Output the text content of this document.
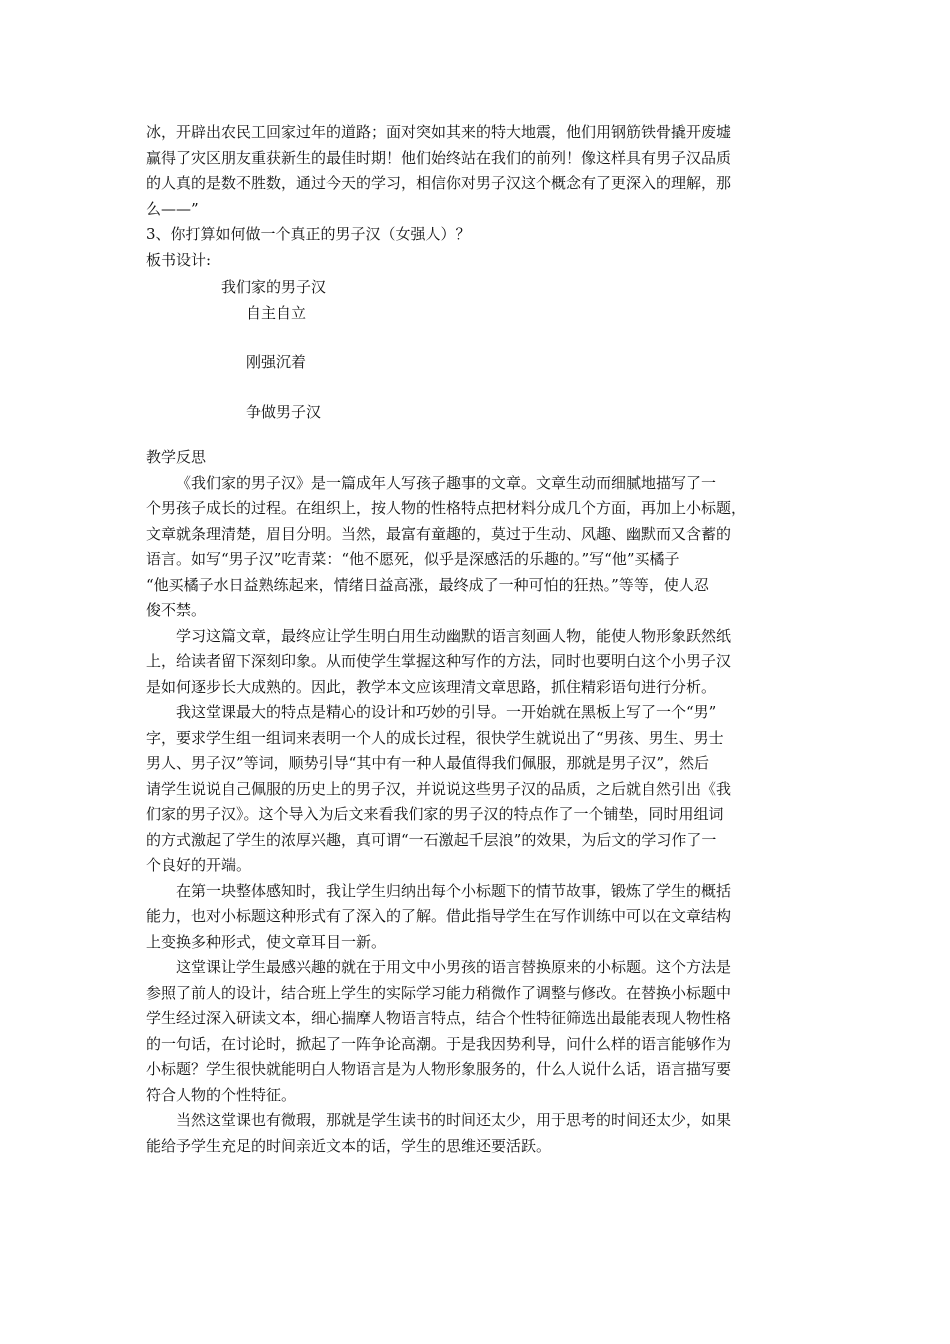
冰，开辟出农民工回家过年的道路；面对突如其来的特大地震，他们用钢筋铁骨撬开废墟

赢得了灾区朋友重获新生的最佳时期！他们始终站在我们的前列！像这样具有男子汉品质

的人真的是数不胜数，通过今天的学习，相信你对男子汉这个概念有了更深入的理解，那

么——”

3、你打算如何做一个真正的男子汉（女强人）？

板书设计:

我们家的男子汉
自主自立
刚强沉着
争做男子汉
教学反思

《我们家的男子汉》是一篇成年人写孩子趣事的文章。文章生动而细腻地描写了一

个男孩子成长的过程。在组织上，按人物的性格特点把材料分成几个方面，再加上小标题，

文章就条理清楚，眉目分明。当然，最富有童趣的，莫过于生动、风趣、幽默而又含蓄的

语言。如写“男子汉”吃青菜：“他不愿死，似乎是深感活的乐趣的。”写“他”买橘子

“他买橘子水日益熟练起来，情绪日益高涨，最终成了一种可怕的狂热。”等等，使人忍

俊不禁。

学习这篇文章，最终应让学生明白用生动幽默的语言刻画人物，能使人物形象跃然纸

上，给读者留下深刻印象。从而使学生掌握这种写作的方法，同时也要明白这个小男子汉

是如何逐步长大成熟的。因此，教学本文应该理清文章思路，抓住精彩语句进行分析。

我这堂课最大的特点是精心的设计和巧妙的引导。一开始就在黑板上写了一个“男”

字，要求学生组一组词来表明一个人的成长过程，很快学生就说出了“男孩、男生、男士

男人、男子汉”等词，顺势引导“其中有一种人最值得我们佩服，那就是男子汉”，然后

请学生说说自己佩服的历史上的男子汉，并说说这些男子汉的品质，之后就自然引出《我

们家的男子汉》。这个导入为后文来看我们家的男子汉的特点作了一个铺垫，同时用组词

的方式激起了学生的浓厚兴趣，真可谓“一石激起千层浪”的效果，为后文的学习作了一

个良好的开端。

在第一块整体感知时，我让学生归纳出每个小标题下的情节故事，锻炼了学生的概括

能力，也对小标题这种形式有了深入的了解。借此指导学生在写作训练中可以在文章结构

上变换多种形式，使文章耳目一新。

这堂课让学生最感兴趣的就在于用文中小男孩的语言替换原来的小标题。这个方法是

参照了前人的设计，结合班上学生的实际学习能力稍微作了调整与修改。在替换小标题中

学生经过深入研读文本，细心揣摩人物语言特点，结合个性特征筛选出最能表现人物性格

的一句话，在讨论时，掀起了一阵争论高潮。于是我因势利导，问什么样的语言能够作为

小标题？学生很快就能明白人物语言是为人物形象服务的，什么人说什么话，语言描写要

符合人物的个性特征。

当然这堂课也有微瑕，那就是学生读书的时间还太少，用于思考的时间还太少，如果

能给予学生充足的时间亲近文本的话，学生的思维还要活跃。
